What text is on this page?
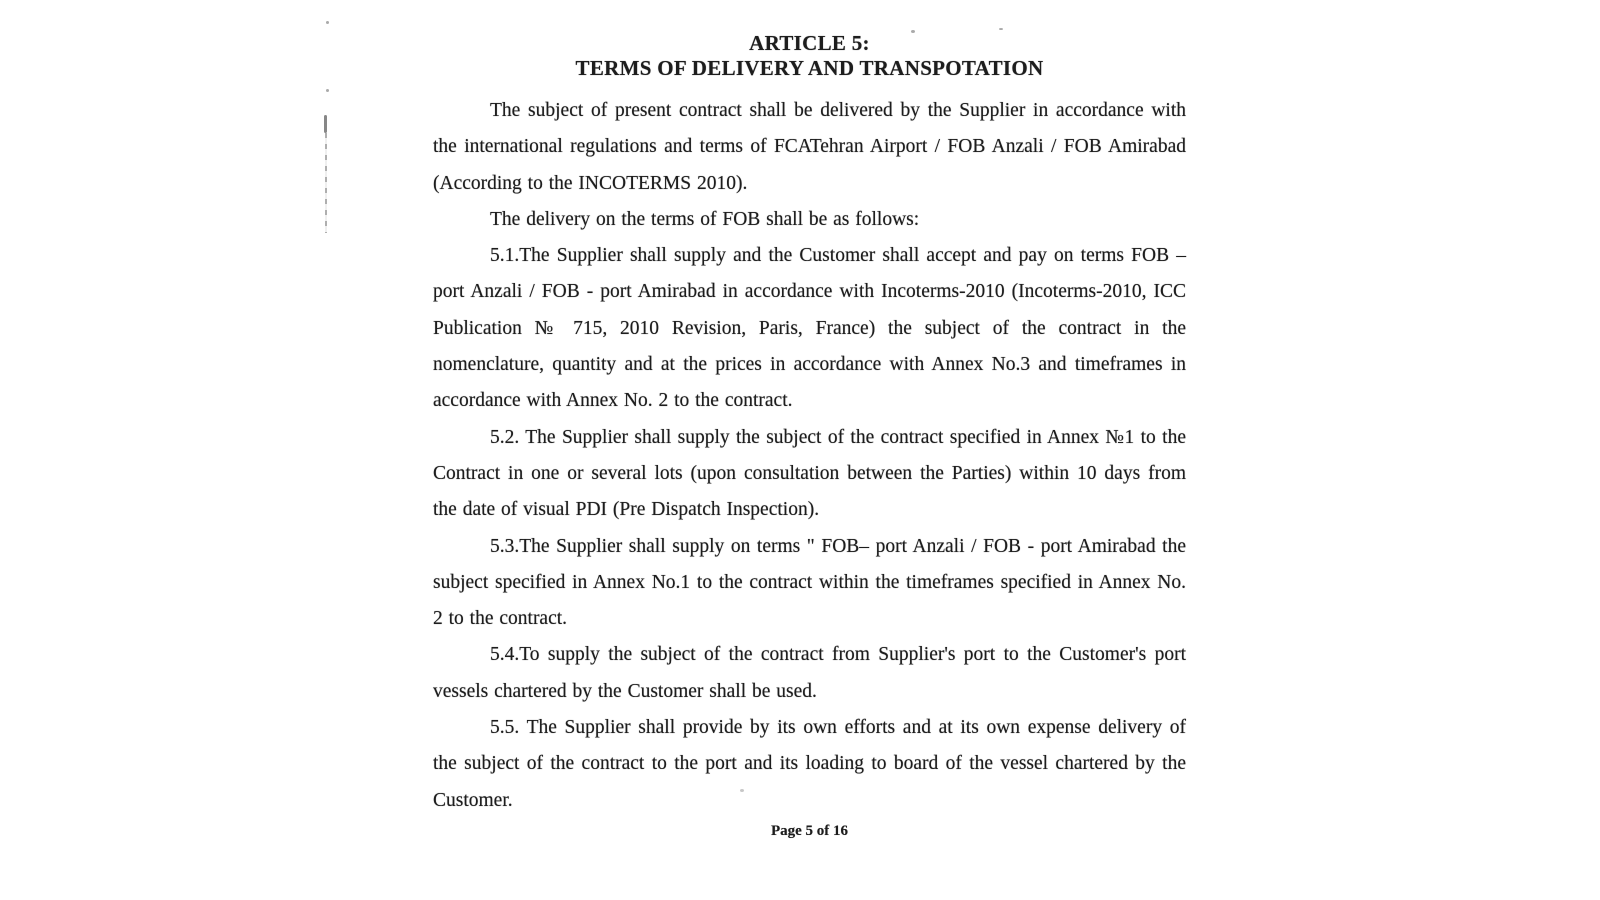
ARTICLE 5:
TERMS OF DELIVERY AND TRANSPOTATION

The subject of present contract shall be delivered by the Supplier in accordance with the international regulations and terms of FCATehran Airport / FOB Anzali / FOB Amirabad (According to the INCOTERMS 2010).

The delivery on the terms of FOB shall be as follows:

5.1.The Supplier shall supply and the Customer shall accept and pay on terms FOB – port Anzali / FOB - port Amirabad in accordance with Incoterms-2010 (Incoterms-2010, ICC Publication № 715, 2010 Revision, Paris, France) the subject of the contract in the nomenclature, quantity and at the prices in accordance with Annex No.3 and timeframes in accordance with Annex No. 2 to the contract.

5.2. The Supplier shall supply the subject of the contract specified in Annex №1 to the Contract in one or several lots (upon consultation between the Parties) within 10 days from the date of visual PDI (Pre Dispatch Inspection).

5.3.The Supplier shall supply on terms " FOB– port Anzali / FOB - port Amirabad the subject specified in Annex No.1 to the contract within the timeframes specified in Annex No. 2 to the contract.

5.4.To supply the subject of the contract from Supplier's port to the Customer's port vessels chartered by the Customer shall be used.

5.5. The Supplier shall provide by its own efforts and at its own expense delivery of the subject of the contract to the port and its loading to board of the vessel chartered by the Customer.

Page 5 of 16
